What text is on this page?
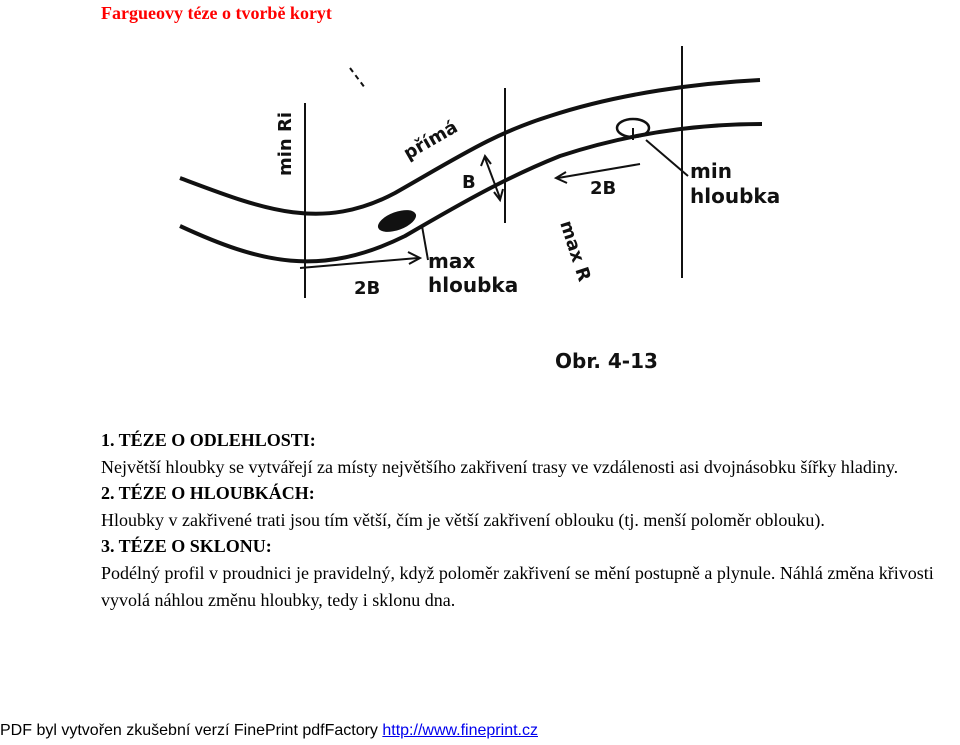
Fargueovy téze o tvorbě koryt
min Ri	přímá
B	2B
min
hloubka
max R
max
hloubka
2B
Obr. 4-13

1. TÉZE O ODLEHLOSTI:

Největší hloubky se vytvářejí za místy největšího zakřivení trasy ve vzdálenosti asi dvojnásobku šířky hladiny.

2. TÉZE O HLOUBKÁCH:

Hloubky v zakřivené trati jsou tím větší, čím je větší zakřivení oblouku (tj. menší poloměr oblouku).

3. TÉZE O SKLONU:

Podélný profil v proudnici je pravidelný, když poloměr zakřivení se mění postupně a plynule. Náhlá změna křivosti vyvolá náhlou změnu hloubky, tedy i sklonu dna.

PDF byl vytvořen zkušební verzí FinePrint pdfFactory http://www.fineprint.cz
